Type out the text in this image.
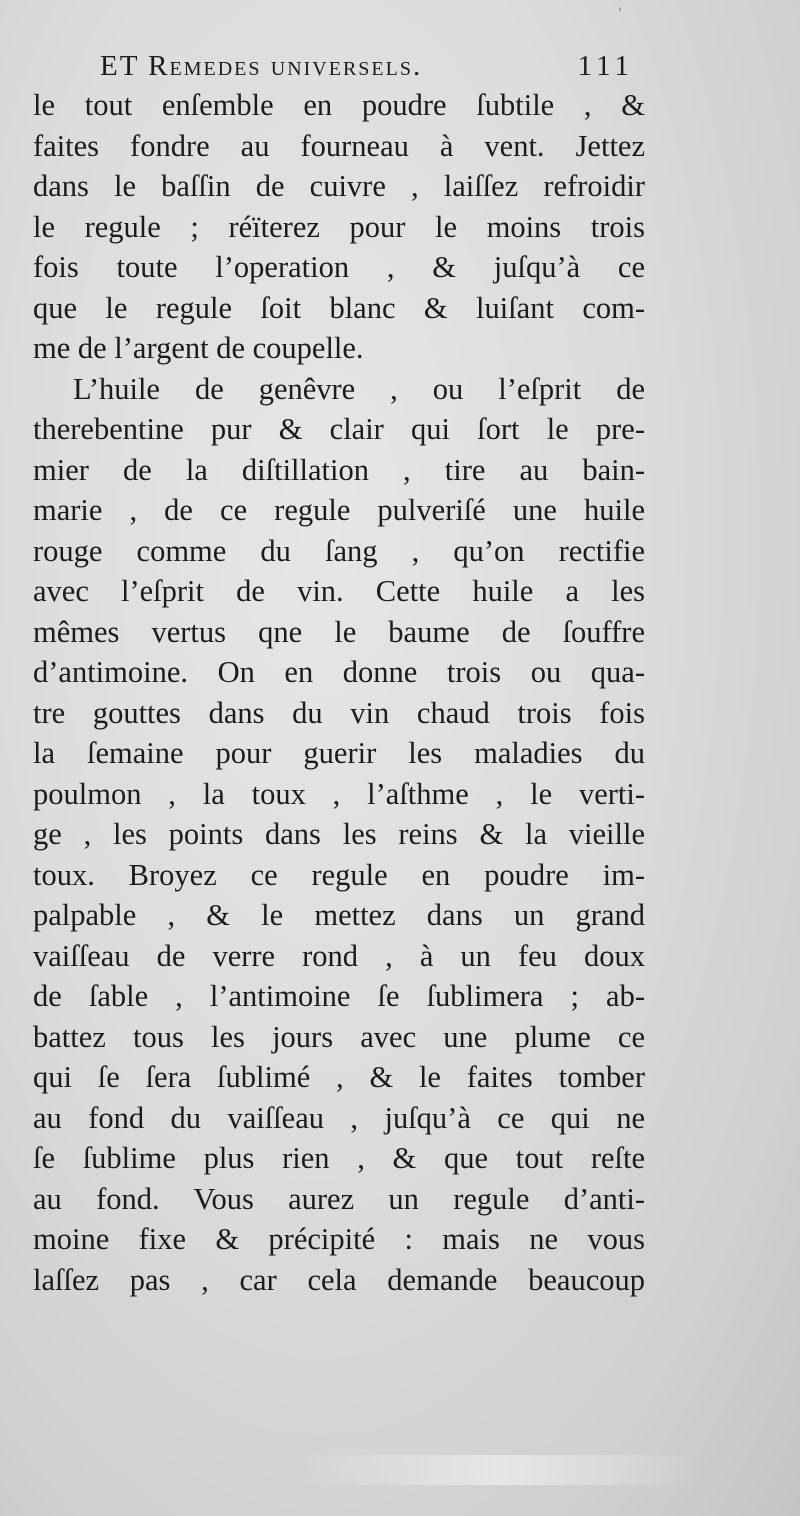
'
ET Remedes universels.	111
le tout enſemble en poudre ſubtile , &
faites fondre au fourneau à vent. Jettez
dans le baſſin de cuivre , laiſſez refroidir
le regule ; réïterez pour le moins trois
fois toute l’operation , & juſqu’à ce
que le regule ſoit blanc & luiſant com-
me de l’argent de coupelle.
L’huile de genêvre , ou l’eſprit de
therebentine pur & clair qui ſort le pre-
mier de la diſtillation , tire au bain-
marie , de ce regule pulveriſé une huile
rouge comme du ſang , qu’on rectifie
avec l’eſprit de vin. Cette huile a les
mêmes vertus qne le baume de ſouffre
d’antimoine. On en donne trois ou qua-
tre gouttes dans du vin chaud trois fois
la ſemaine pour guerir les maladies du
poulmon , la toux , l’aſthme , le verti-
ge , les points dans les reins & la vieille
toux. Broyez ce regule en poudre im-
palpable , & le mettez dans un grand
vaiſſeau de verre rond , à un feu doux
de ſable , l’antimoine ſe ſublimera ; ab-
battez tous les jours avec une plume ce
qui ſe ſera ſublimé , & le faites tomber
au fond du vaiſſeau , juſqu’à ce qui ne
ſe ſublime plus rien , & que tout reſte
au fond. Vous aurez un regule d’anti-
moine fixe & précipité : mais ne vous
laſſez pas , car cela demande beaucoup
